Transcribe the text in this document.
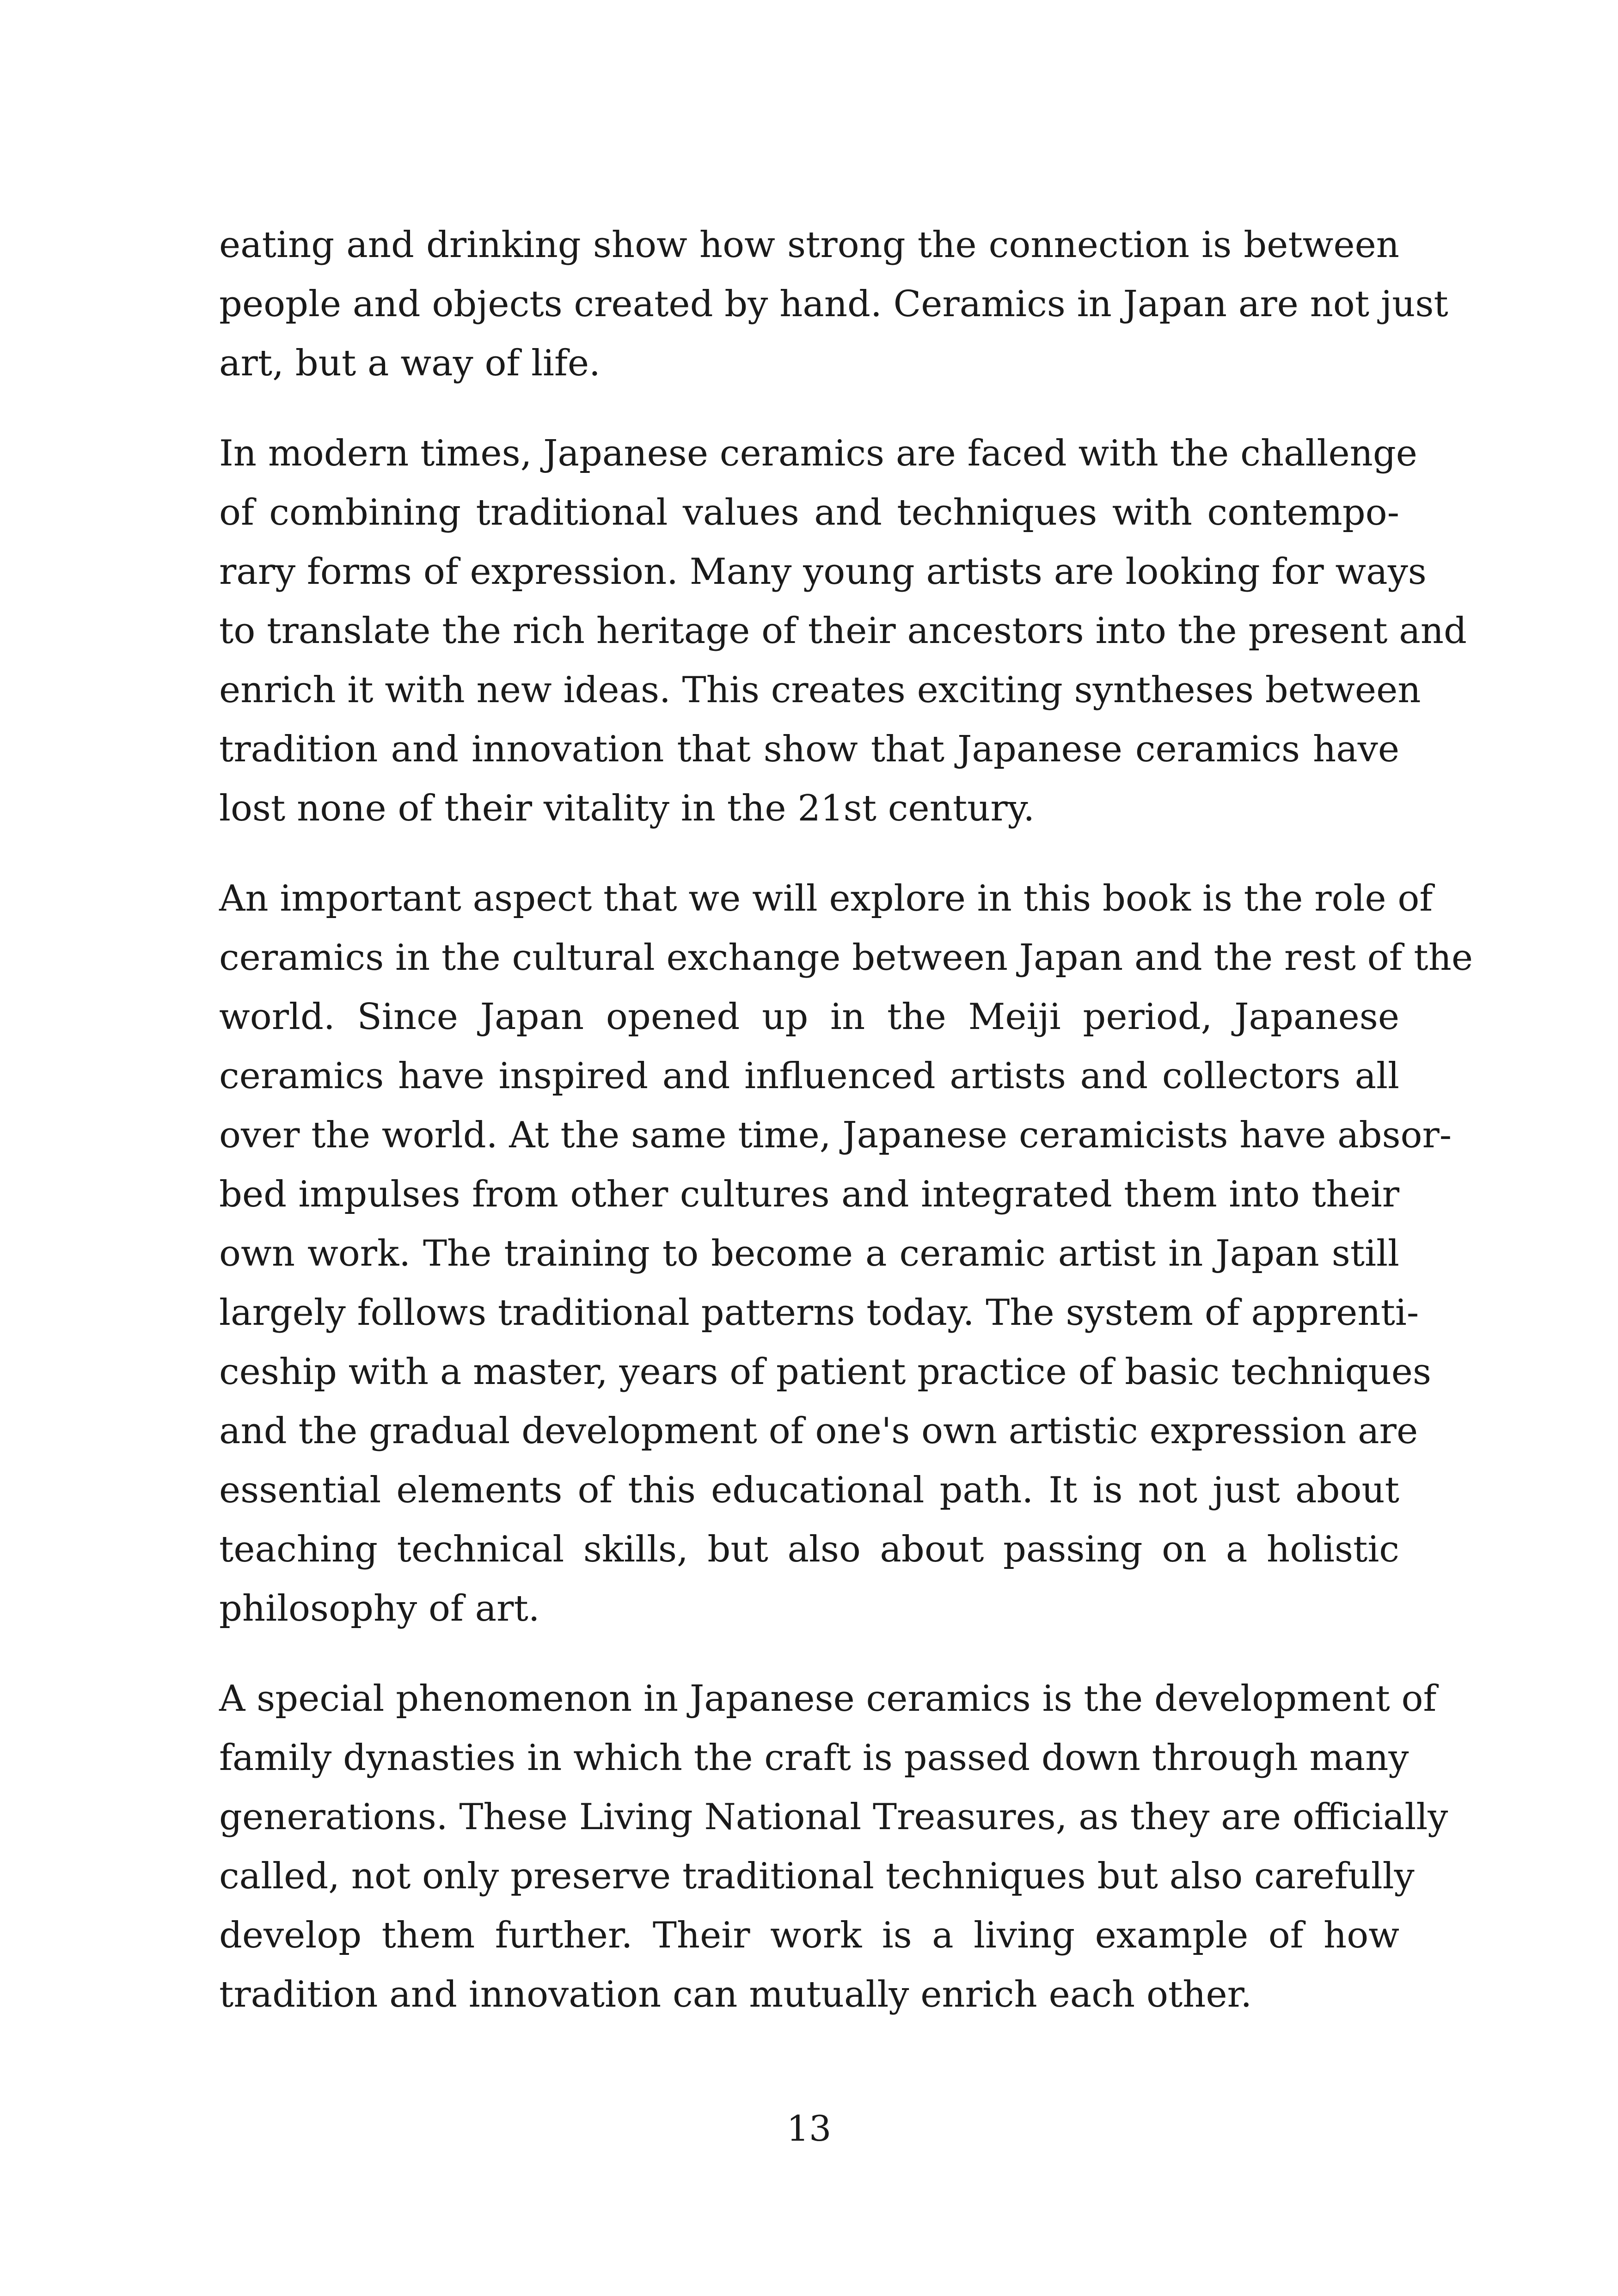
eating and drinking show how strong the connection is between
people and objects created by hand. Ceramics in Japan are not just
art, but a way of life.
In modern times, Japanese ceramics are faced with the challenge
of combining traditional values and techniques with contempo-
rary forms of expression. Many young artists are looking for ways
to translate the rich heritage of their ancestors into the present and
enrich it with new ideas. This creates exciting syntheses between
tradition and innovation that show that Japanese ceramics have
lost none of their vitality in the 21st century.
An important aspect that we will explore in this book is the role of
ceramics in the cultural exchange between Japan and the rest of the
world. Since Japan opened up in the Meiji period, Japanese
ceramics have inspired and influenced artists and collectors all
over the world. At the same time, Japanese ceramicists have absor-
bed impulses from other cultures and integrated them into their
own work. The training to become a ceramic artist in Japan still
largely follows traditional patterns today. The system of apprenti-
ceship with a master, years of patient practice of basic techniques
and the gradual development of one's own artistic expression are
essential elements of this educational path. It is not just about
teaching technical skills, but also about passing on a holistic
philosophy of art.
A special phenomenon in Japanese ceramics is the development of
family dynasties in which the craft is passed down through many
generations. These Living National Treasures, as they are officially
called, not only preserve traditional techniques but also carefully
develop them further. Their work is a living example of how
tradition and innovation can mutually enrich each other.
13
